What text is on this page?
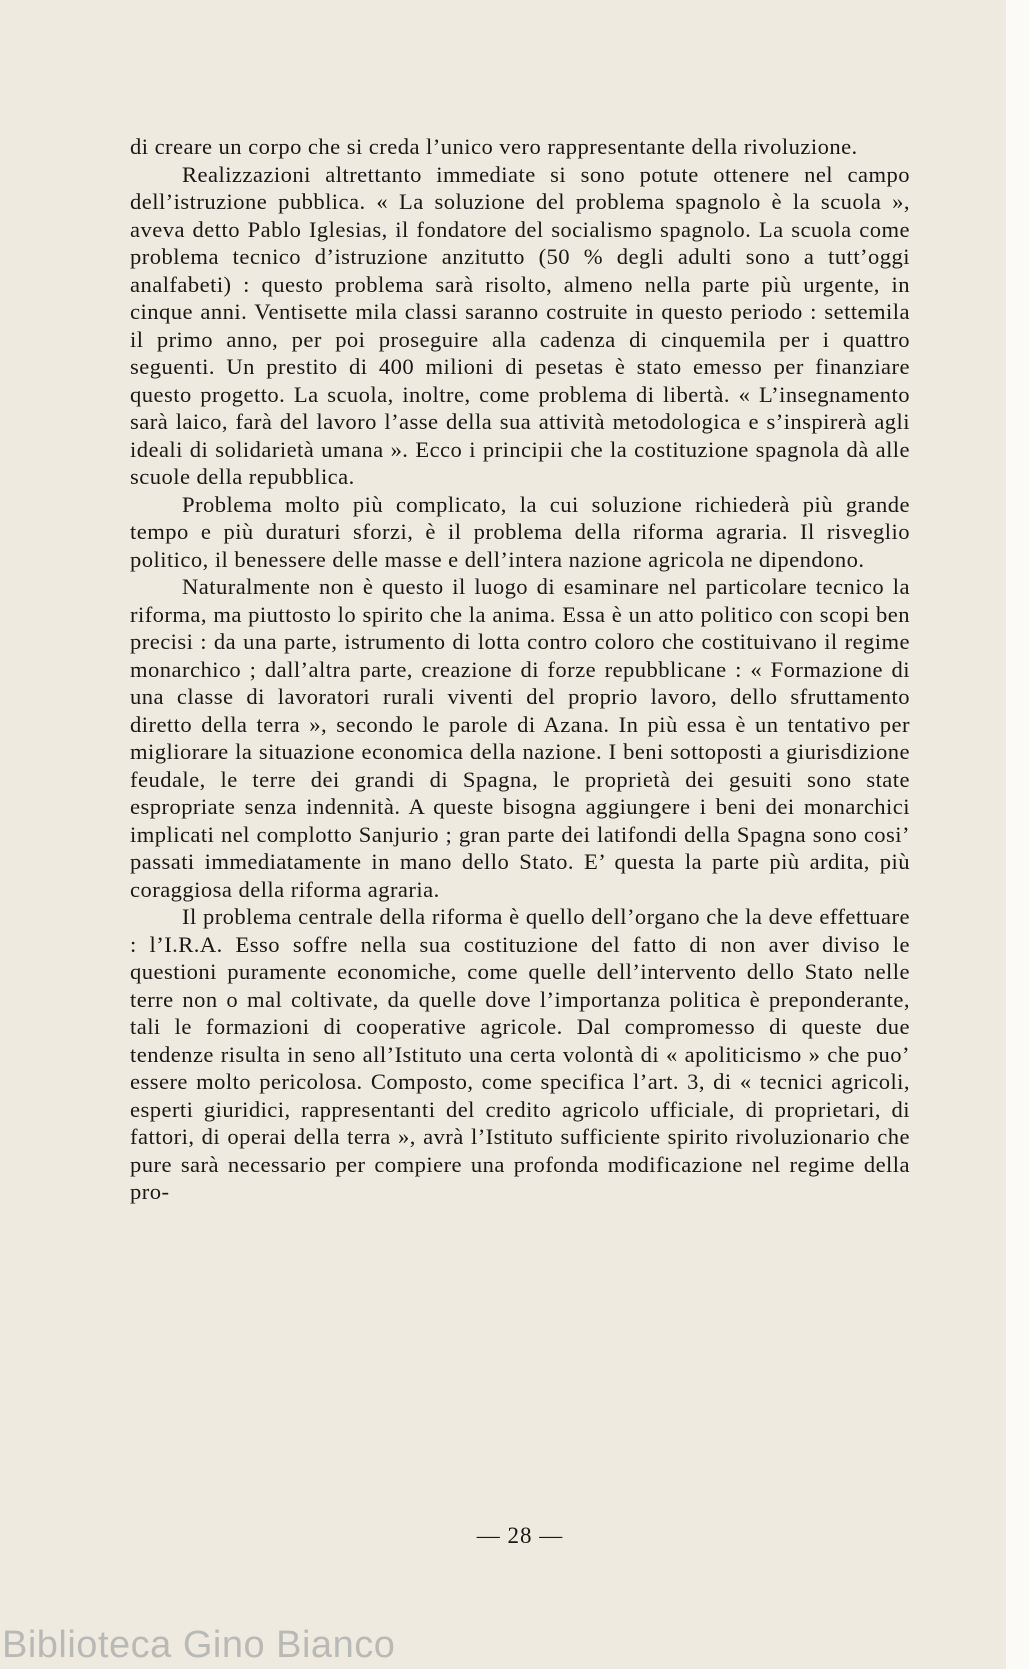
di creare un corpo che si creda l’unico vero rappresentante della rivoluzione.

Realizzazioni altrettanto immediate si sono potute ottenere nel campo dell’istruzione pubblica. « La soluzione del problema spagnolo è la scuola », aveva detto Pablo Iglesias, il fondatore del socialismo spagnolo. La scuola come problema tecnico d’istruzione anzitutto (50 % degli adulti sono a tutt’oggi analfabeti) : questo problema sarà risolto, almeno nella parte più urgente, in cinque anni. Ventisette mila classi saranno costruite in questo periodo : settemila il primo anno, per poi proseguire alla cadenza di cinquemila per i quattro seguenti. Un prestito di 400 milioni di pesetas è stato emesso per finanziare questo progetto. La scuola, inoltre, come problema di libertà. « L’insegnamento sarà laico, farà del lavoro l’asse della sua attività metodologica e s’inspirerà agli ideali di solidarietà umana ». Ecco i principii che la costituzione spagnola dà alle scuole della repubblica.

Problema molto più complicato, la cui soluzione richiederà più grande tempo e più duraturi sforzi, è il problema della riforma agraria. Il risveglio politico, il benessere delle masse e dell’intera nazione agricola ne dipendono.

Naturalmente non è questo il luogo di esaminare nel particolare tecnico la riforma, ma piuttosto lo spirito che la anima. Essa è un atto politico con scopi ben precisi : da una parte, istrumento di lotta contro coloro che costituivano il regime monarchico ; dall’altra parte, creazione di forze repubblicane : « Formazione di una classe di lavoratori rurali viventi del proprio lavoro, dello sfruttamento diretto della terra », secondo le parole di Azana. In più essa è un tentativo per migliorare la situazione economica della nazione. I beni sottoposti a giurisdizione feudale, le terre dei grandi di Spagna, le proprietà dei gesuiti sono state espropriate senza indennità. A queste bisogna aggiungere i beni dei monarchici implicati nel complotto Sanjurio ; gran parte dei latifondi della Spagna sono cosi’ passati immediatamente in mano dello Stato. E’ questa la parte più ardita, più coraggiosa della riforma agraria.

Il problema centrale della riforma è quello dell’organo che la deve effettuare : l’I.R.A. Esso soffre nella sua costituzione del fatto di non aver diviso le questioni puramente economiche, come quelle dell’intervento dello Stato nelle terre non o mal coltivate, da quelle dove l’importanza politica è preponderante, tali le formazioni di cooperative agricole. Dal compromesso di queste due tendenze risulta in seno all’Istituto una certa volontà di « apoliticismo » che puo’ essere molto pericolosa. Composto, come specifica l’art. 3, di « tecnici agricoli, esperti giuridici, rappresentanti del credito agricolo ufficiale, di proprietari, di fattori, di operai della terra », avrà l’Istituto sufficiente spirito rivoluzionario che pure sarà necessario per compiere una profonda modificazione nel regime della pro-

— 28 —
Biblioteca Gino Bianco
